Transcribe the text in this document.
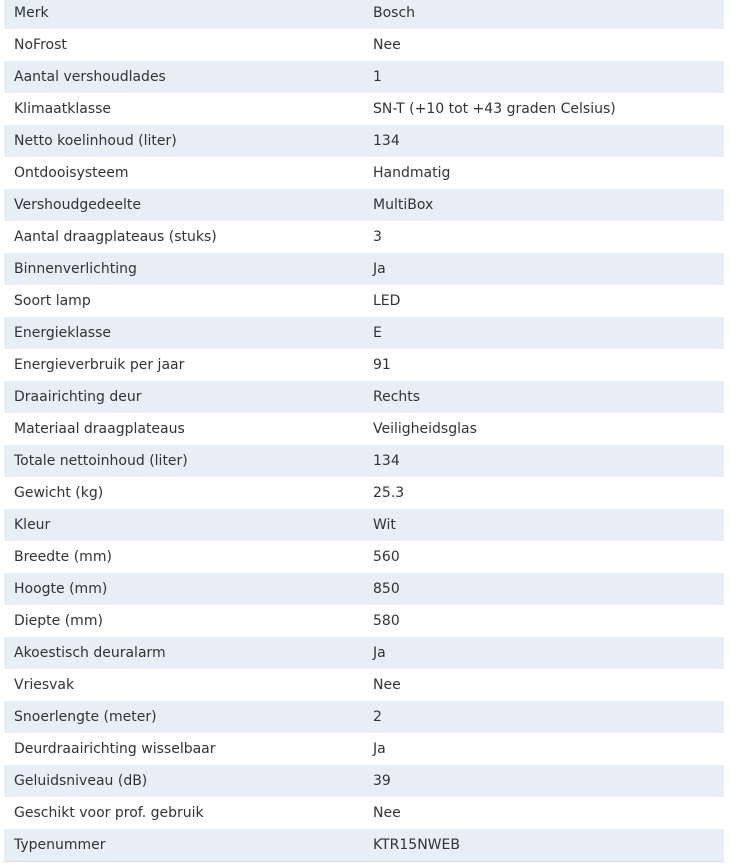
Merk	Bosch
NoFrost	Nee
Aantal vershoudlades	1
Klimaatklasse	SN-T (+10 tot +43 graden Celsius)
Netto koelinhoud (liter)	134
Ontdooisysteem	Handmatig
Vershoudgedeelte	MultiBox
Aantal draagplateaus (stuks)	3
Binnenverlichting	Ja
Soort lamp	LED
Energieklasse	E
Energieverbruik per jaar	91
Draairichting deur	Rechts
Materiaal draagplateaus	Veiligheidsglas
Totale nettoinhoud (liter)	134
Gewicht (kg)	25.3
Kleur	Wit
Breedte (mm)	560
Hoogte (mm)	850
Diepte (mm)	580
Akoestisch deuralarm	Ja
Vriesvak	Nee
Snoerlengte (meter)	2
Deurdraairichting wisselbaar	Ja
Geluidsniveau (dB)	39
Geschikt voor prof. gebruik	Nee
Typenummer	KTR15NWEB
